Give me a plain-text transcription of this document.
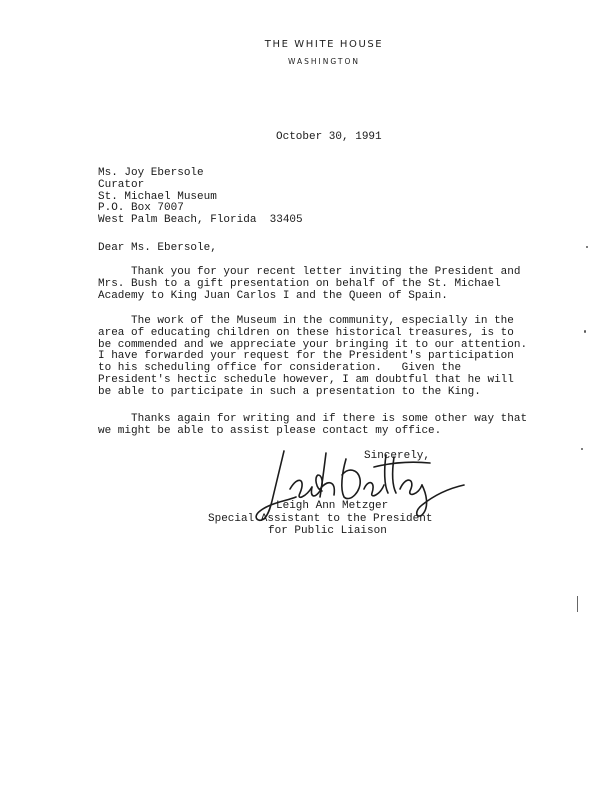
THE WHITE HOUSE
WASHINGTON
October 30, 1991
Ms. Joy Ebersole
Curator
St. Michael Museum
P.O. Box 7007
West Palm Beach, Florida  33405
Dear Ms. Ebersole,
Thank you for your recent letter inviting the President and
Mrs. Bush to a gift presentation on behalf of the St. Michael
Academy to King Juan Carlos I and the Queen of Spain.
The work of the Museum in the community, especially in the
area of educating children on these historical treasures, is to
be commended and we appreciate your bringing it to our attention.
I have forwarded your request for the President's participation
to his scheduling office for consideration.   Given the
President's hectic schedule however, I am doubtful that he will
be able to participate in such a presentation to the King.
Thanks again for writing and if there is some other way that
we might be able to assist please contact my office.
Sincerely,
Leigh Ann Metzger
Special Assistant to the President
for Public Liaison
